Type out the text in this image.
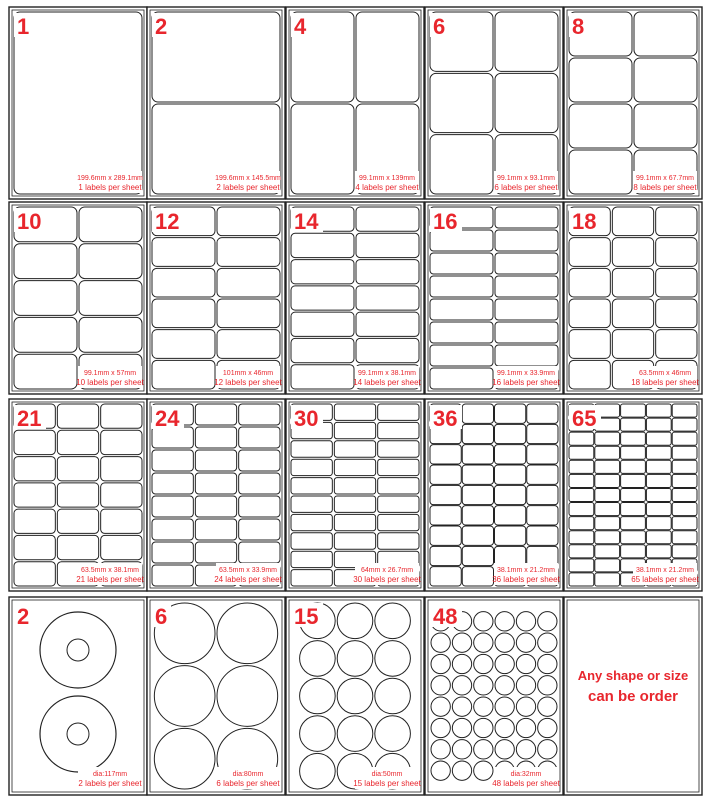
1
199.6mm x 289.1mm
1 labels per sheet
2
199.6mm x 145.5mm
2 labels per sheet
4
99.1mm x 139mm
4 labels per sheet
6
99.1mm x 93.1mm
6 labels per sheet
8
99.1mm x 67.7mm
8 labels per sheet
10
99.1mm x 57mm
10 labels per sheet
12
101mm x 46mm
12 labels per sheet
14
99.1mm x 38.1mm
14 labels per sheet
16
99.1mm x 33.9mm
16 labels per sheet
18
63.5mm x 46mm
18 labels per sheet
21
63.5mm x 38.1mm
21 labels per sheet
24
63.5mm x 33.9mm
24 labels per sheet
30
64mm x 26.7mm
30 labels per sheet
36
38.1mm x 21.2mm
36 labels per sheet
65
38.1mm x 21.2mm
65 labels per sheet
2
dia:117mm
2 labels per sheet
6
dia:80mm
6 labels per sheet
15
dia:50mm
15 labels per sheet
48
dia:32mm
48 labels per sheet
Any shape or size
can be order
